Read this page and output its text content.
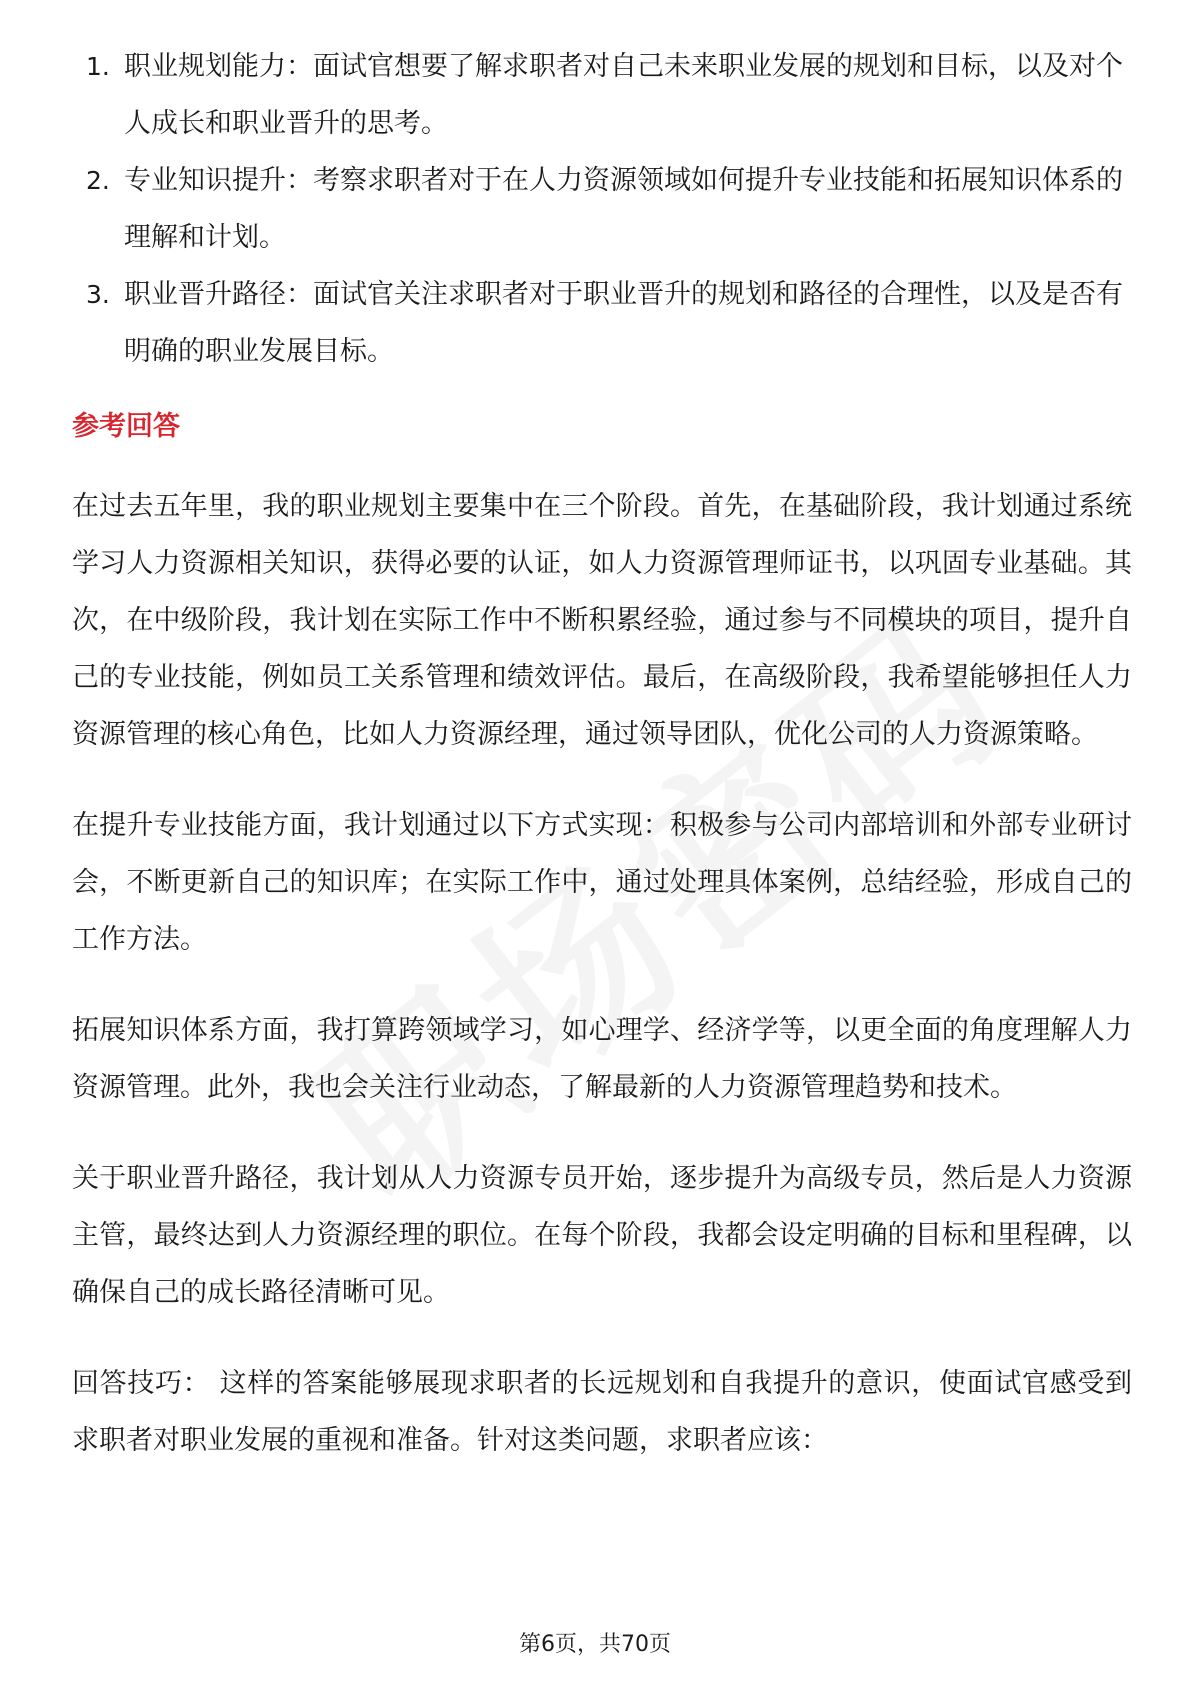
1. 职业规划能力：面试官想要了解求职者对自己未来职业发展的规划和目标，以及对个人成长和职业晋升的思考。
2. 专业知识提升：考察求职者对于在人力资源领域如何提升专业技能和拓展知识体系的理解和计划。
3. 职业晋升路径：面试官关注求职者对于职业晋升的规划和路径的合理性，以及是否有明确的职业发展目标。
参考回答

在过去五年里，我的职业规划主要集中在三个阶段。首先，在基础阶段，我计划通过系统学习人力资源相关知识，获得必要的认证，如人力资源管理师证书，以巩固专业基础。其次，在中级阶段，我计划在实际工作中不断积累经验，通过参与不同模块的项目，提升自己的专业技能，例如员工关系管理和绩效评估。最后，在高级阶段，我希望能够担任人力资源管理的核心角色，比如人力资源经理，通过领导团队，优化公司的人力资源策略。

在提升专业技能方面，我计划通过以下方式实现：积极参与公司内部培训和外部专业研讨会，不断更新自己的知识库；在实际工作中，通过处理具体案例，总结经验，形成自己的工作方法。

拓展知识体系方面，我打算跨领域学习，如心理学、经济学等，以更全面的角度理解人力资源管理。此外，我也会关注行业动态，了解最新的人力资源管理趋势和技术。

关于职业晋升路径，我计划从人力资源专员开始，逐步提升为高级专员，然后是人力资源主管，最终达到人力资源经理的职位。在每个阶段，我都会设定明确的目标和里程碑，以确保自己的成长路径清晰可见。

回答技巧： 这样的答案能够展现求职者的长远规划和自我提升的意识，使面试官感受到求职者对职业发展的重视和准备。针对这类问题，求职者应该：

第6页，共70页
